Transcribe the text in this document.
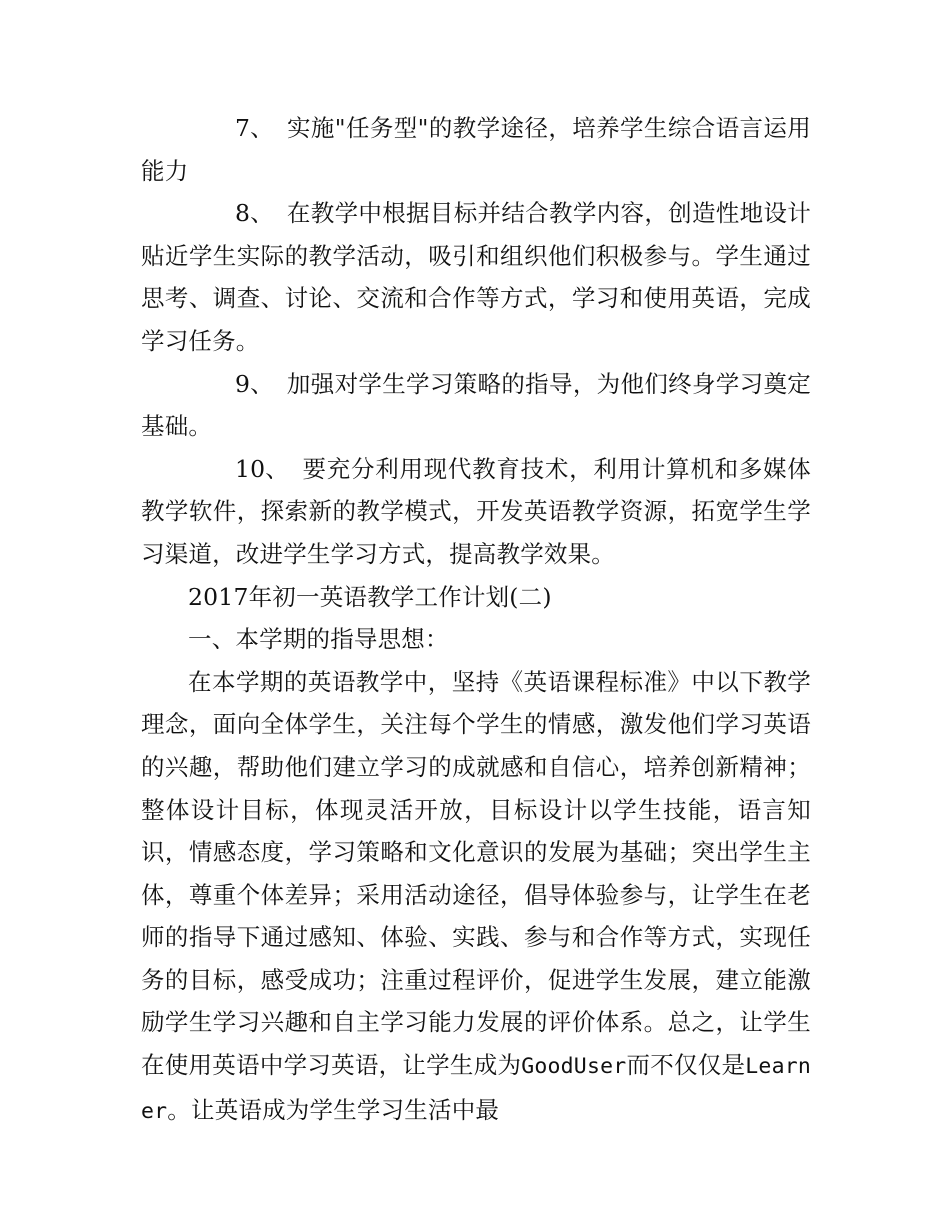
7、 实施"任务型"的教学途径，培养学生综合语言运用能力

8、 在教学中根据目标并结合教学内容，创造性地设计贴近学生实际的教学活动，吸引和组织他们积极参与。学生通过思考、调查、讨论、交流和合作等方式，学习和使用英语，完成学习任务。

9、 加强对学生学习策略的指导，为他们终身学习奠定基础。

10、 要充分利用现代教育技术，利用计算机和多媒体教学软件，探索新的教学模式，开发英语教学资源，拓宽学生学习渠道，改进学生学习方式，提高教学效果。

2017年初一英语教学工作计划(二)

一、本学期的指导思想：

在本学期的英语教学中，坚持《英语课程标准》中以下教学理念，面向全体学生，关注每个学生的情感，激发他们学习英语的兴趣，帮助他们建立学习的成就感和自信心，培养创新精神；整体设计目标，体现灵活开放，目标设计以学生技能，语言知识，情感态度，学习策略和文化意识的发展为基础；突出学生主体，尊重个体差异；采用活动途径，倡导体验参与，让学生在老师的指导下通过感知、体验、实践、参与和合作等方式，实现任务的目标，感受成功；注重过程评价，促进学生发展，建立能激励学生学习兴趣和自主学习能力发展的评价体系。总之，让学生在使用英语中学习英语，让学生成为GoodUser而不仅仅是Learner。让英语成为学生学习生活中最
